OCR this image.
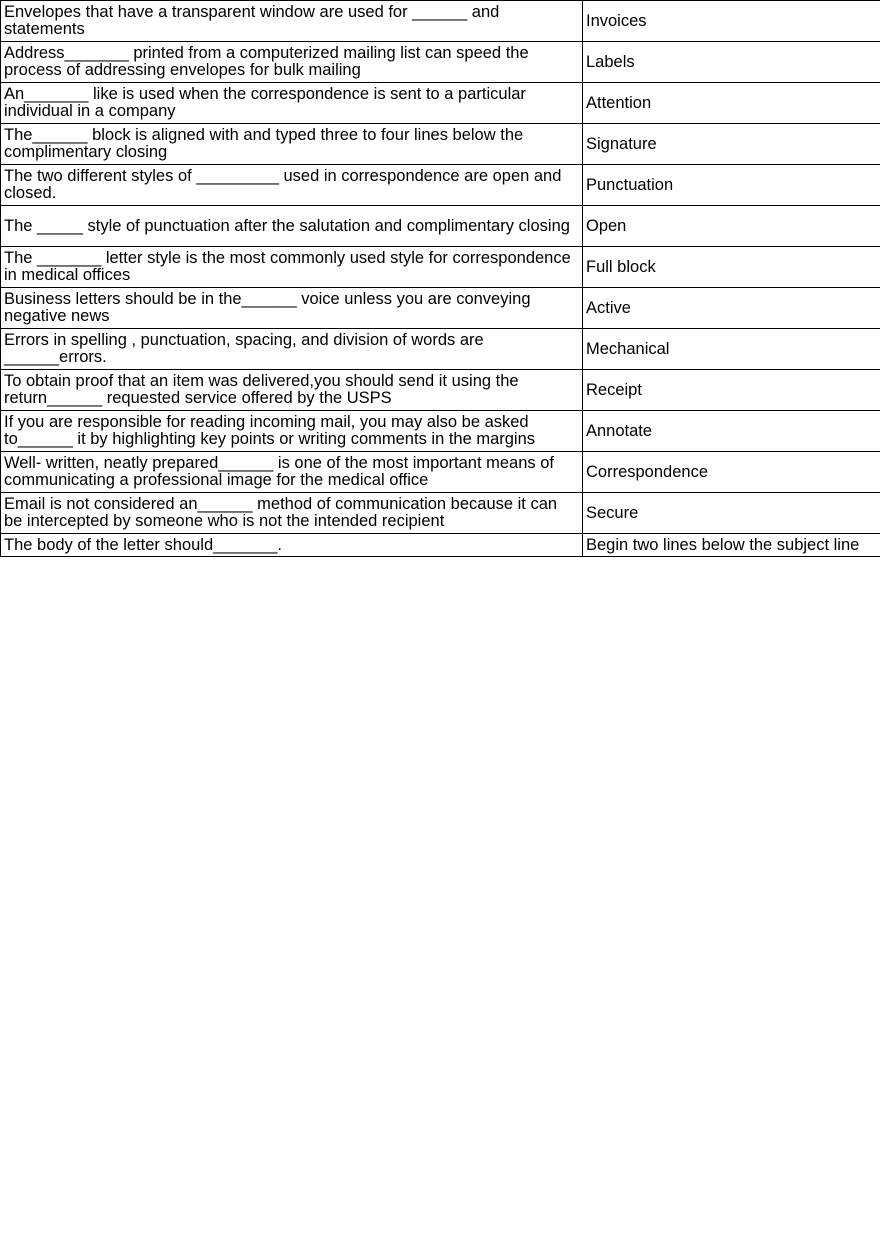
Envelopes that have a transparent window are used for ______ and statements	Invoices
Address_______ printed from a computerized mailing list can speed the process of addressing envelopes for bulk mailing	Labels
An_______ like is used when the correspondence is sent to a particular individual in a company	Attention
The______ block is aligned with and typed three to four lines below the complimentary closing	Signature
The two different styles of _________ used in correspondence are open and closed.	Punctuation
The _____ style of punctuation after the salutation and complimentary closing	Open
The _______ letter style is the most commonly used style for correspondence in medical offices	Full block
Business letters should be in the______ voice unless you are conveying negative news	Active
Errors in spelling , punctuation, spacing, and division of words are ______errors.	Mechanical
To obtain proof that an item was delivered,you should send it using the return______ requested service offered by the USPS	Receipt
If you are responsible for reading incoming mail, you may also be asked to______ it by highlighting key points or writing comments in the margins	Annotate
Well- written, neatly prepared______ is one of the most important means of communicating a professional image for the medical office	Correspondence
Email is not considered an______ method of communication because it can be intercepted by someone who is not the intended recipient	Secure
The body of the letter should_______.	Begin two lines below the subject line
